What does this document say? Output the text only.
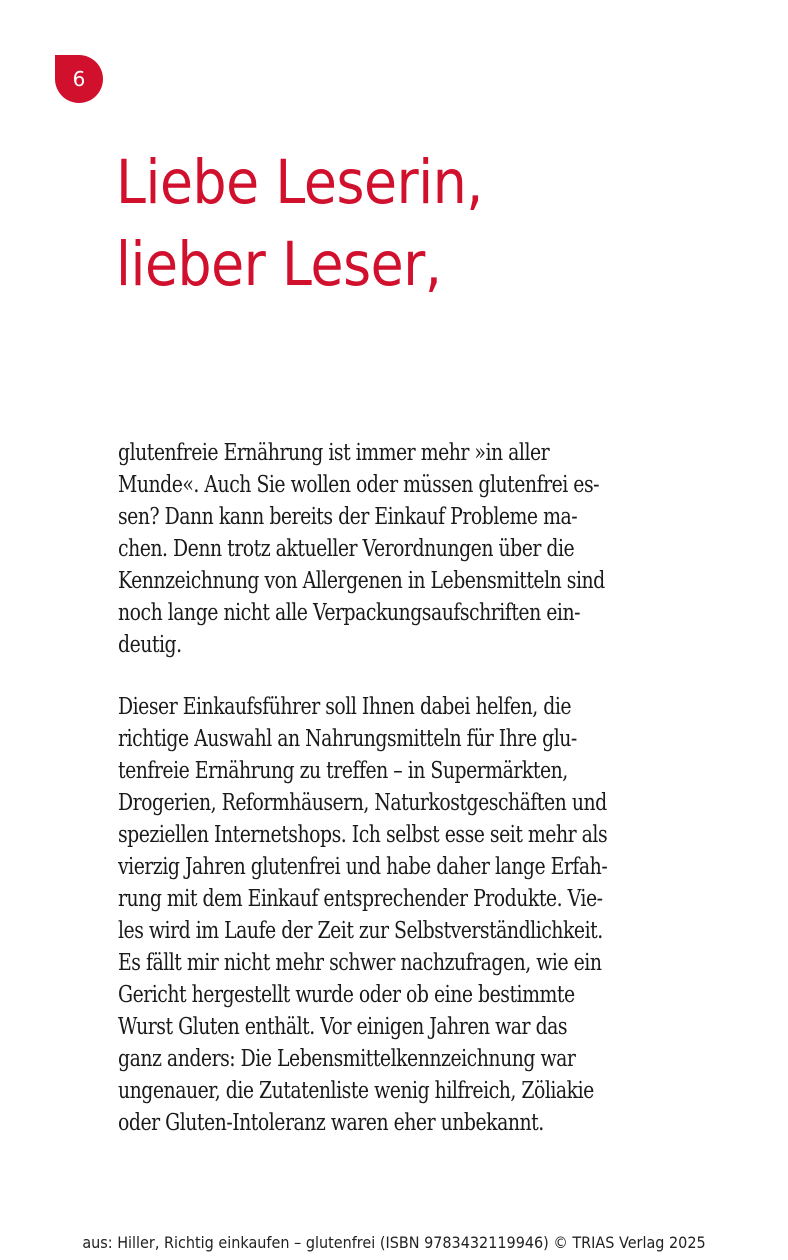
6
Liebe Leserin,
lieber Leser,
glutenfreie Ernährung ist immer mehr »in aller
Munde«. Auch Sie wollen oder müssen glutenfrei es-
sen? Dann kann bereits der Einkauf Probleme ma-
chen. Denn trotz aktueller Verordnungen über die
Kennzeichnung von Allergenen in Lebensmitteln sind
noch lange nicht alle Verpackungsaufschriften ein-
deutig.
Dieser Einkaufsführer soll Ihnen dabei helfen, die
richtige Auswahl an Nahrungsmitteln für Ihre glu-
tenfreie Ernährung zu treffen – in Supermärkten,
Drogerien, Reformhäusern, Naturkostgeschäften und
speziellen Internetshops. Ich selbst esse seit mehr als
vierzig Jahren glutenfrei und habe daher lange Erfah-
rung mit dem Einkauf entsprechender Produkte. Vie-
les wird im Laufe der Zeit zur Selbstverständlichkeit.
Es fällt mir nicht mehr schwer nachzufragen, wie ein
Gericht hergestellt wurde oder ob eine bestimmte
Wurst Gluten enthält. Vor einigen Jahren war das
ganz anders: Die Lebensmittelkennzeichnung war
ungenauer, die Zutatenliste wenig hilfreich, Zöliakie
oder Gluten-Intoleranz waren eher unbekannt.
aus: Hiller, Richtig einkaufen – glutenfrei (ISBN 9783432119946) © TRIAS Verlag 2025
